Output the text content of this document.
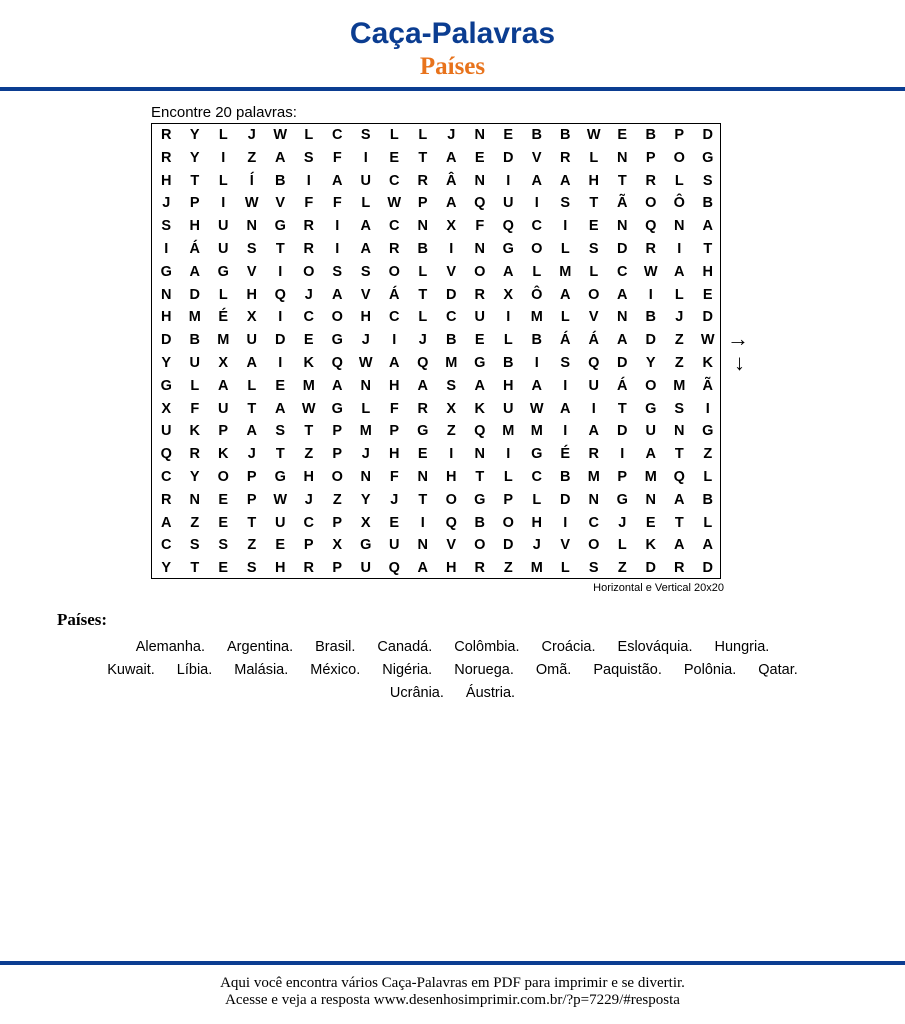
Caça-Palavras
Países
Encontre 20 palavras:
R	Y	L	J	W	L	C	S	L	L	J	N	E	B	B	W	E	B	P	D
R	Y	I	Z	A	S	F	I	E	T	A	E	D	V	R	L	N	P	O	G
H	T	L	Í	B	I	A	U	C	R	Â	N	I	A	A	H	T	R	L	S
J	P	I	W	V	F	F	L	W	P	A	Q	U	I	S	T	Ã	O	Ô	B
S	H	U	N	G	R	I	A	C	N	X	F	Q	C	I	E	N	Q	N	A
I	Á	U	S	T	R	I	A	R	B	I	N	G	O	L	S	D	R	I	T
G	A	G	V	I	O	S	S	O	L	V	O	A	L	M	L	C	W	A	H
N	D	L	H	Q	J	A	V	Á	T	D	R	X	Ô	A	O	A	I	L	E
H	M	É	X	I	C	O	H	C	L	C	U	I	M	L	V	N	B	J	D
D	B	M	U	D	E	G	J	I	J	B	E	L	B	Á	Á	A	D	Z	W
Y	U	X	A	I	K	Q	W	A	Q	M	G	B	I	S	Q	D	Y	Z	K
G	L	A	L	E	M	A	N	H	A	S	A	H	A	I	U	Á	O	M	Ã
X	F	U	T	A	W	G	L	F	R	X	K	U	W	A	I	T	G	S	I
U	K	P	A	S	T	P	M	P	G	Z	Q	M	M	I	A	D	U	N	G
Q	R	K	J	T	Z	P	J	H	E	I	N	I	G	É	R	I	A	T	Z
C	Y	O	P	G	H	O	N	F	N	H	T	L	C	B	M	P	M	Q	L
R	N	E	P	W	J	Z	Y	J	T	O	G	P	L	D	N	G	N	A	B
A	Z	E	T	U	C	P	X	E	I	Q	B	O	H	I	C	J	E	T	L
C	S	S	Z	E	P	X	G	U	N	V	O	D	J	V	O	L	K	A	A
Y	T	E	S	H	R	P	U	Q	A	H	R	Z	M	L	S	Z	D	R	D
→
↓
Horizontal e Vertical 20x20
Países:
Alemanha. Argentina. Brasil. Canadá. Colômbia. Croácia. Eslováquia. Hungria.
Kuwait. Líbia. Malásia. México. Nigéria. Noruega. Omã. Paquistão. Polônia. Qatar.
Ucrânia. Áustria.
Aqui você encontra vários Caça-Palavras em PDF para imprimir e se divertir.
Acesse e veja a resposta www.desenhosimprimir.com.br/?p=7229/#resposta
